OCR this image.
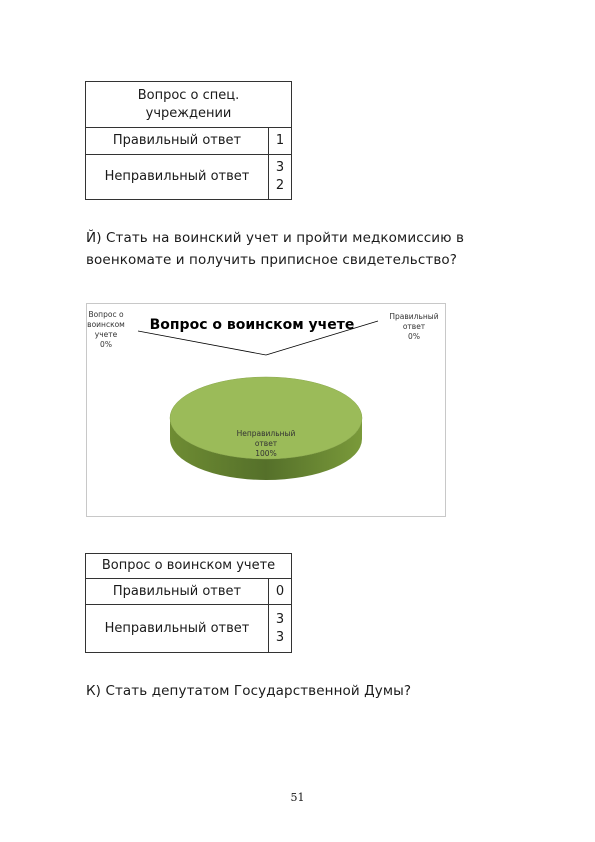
Вопрос о спец. учреждении	
Правильный ответ	1
Неправильный ответ	32
Й) Стать на воинский учет и пройти медкомиссию в военкомате и получить приписное свидетельство?
Вопрос о воинском учете
Вопрос о
воинском
учете
0%
Правильный
ответ
0%
Неправильный
ответ
100%
Вопрос о воинском учете	
Правильный ответ	0
Неправильный ответ	33
К) Стать депутатом Государственной Думы?
51
